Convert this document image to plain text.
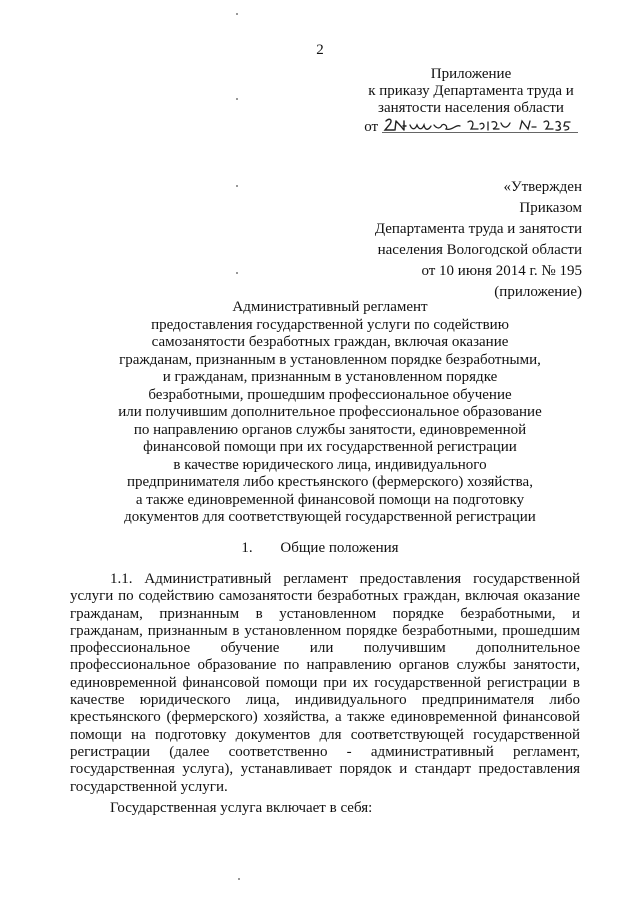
2
Приложение
к приказу Департамента труда и
занятости населения области
от
«Утвержден
Приказом
Департамента труда и занятости
населения Вологодской области
от 10 июня 2014 г. № 195
(приложение)
Административный регламент
предоставления государственной услуги по содействию
самозанятости безработных граждан, включая оказание
гражданам, признанным в установленном порядке безработными,
и гражданам, признанным в установленном порядке
безработными, прошедшим профессиональное обучение
или получившим дополнительное профессиональное образование
по направлению органов службы занятости, единовременной
финансовой помощи при их государственной регистрации
в качестве юридического лица, индивидуального
предпринимателя либо крестьянского (фермерского) хозяйства,
а также единовременной финансовой помощи на подготовку
документов для соответствующей государственной регистрации
1. Общие положения
1.1. Административный регламент предоставления государственной
услуги по содействию самозанятости безработных граждан, включая оказание
гражданам, признанным в установленном порядке безработными, и
гражданам, признанным в установленном порядке безработными, прошедшим
профессиональное обучение или получившим дополнительное
профессиональное образование по направлению органов службы занятости,
единовременной финансовой помощи при их государственной регистрации в
качестве юридического лица, индивидуального предпринимателя либо
крестьянского (фермерского) хозяйства, а также единовременной финансовой
помощи на подготовку документов для соответствующей государственной
регистрации (далее соответственно - административный регламент,
государственная услуга), устанавливает порядок и стандарт предоставления
государственной услуги.
Государственная услуга включает в себя:
